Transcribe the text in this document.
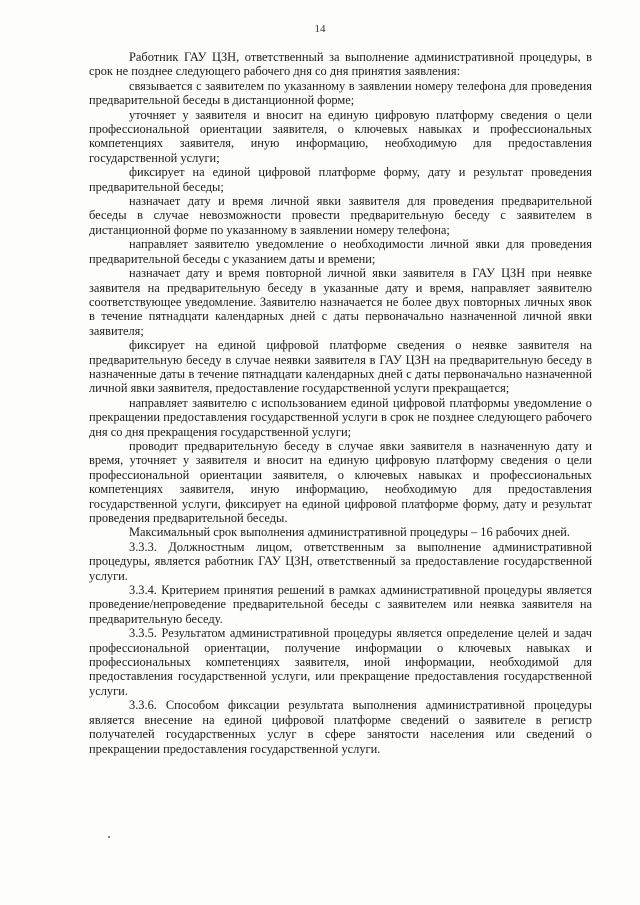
14

Работник ГАУ ЦЗН, ответственный за выполнение административной процедуры, в срок не позднее следующего рабочего дня со дня принятия заявления:

связывается с заявителем по указанному в заявлении номеру телефона для проведения предварительной беседы в дистанционной форме;

уточняет у заявителя и вносит на единую цифровую платформу сведения о цели профессиональной ориентации заявителя, о ключевых навыках и профессиональных компетенциях заявителя, иную информацию, необходимую для предоставления государственной услуги;

фиксирует на единой цифровой платформе форму, дату и результат проведения предварительной беседы;

назначает дату и время личной явки заявителя для проведения предварительной беседы в случае невозможности провести предварительную беседу с заявителем в дистанционной форме по указанному в заявлении номеру телефона;

направляет заявителю уведомление о необходимости личной явки для проведения предварительной беседы с указанием даты и времени;

назначает дату и время повторной личной явки заявителя в ГАУ ЦЗН при неявке заявителя на предварительную беседу в указанные дату и время, направляет заявителю соответствующее уведомление. Заявителю назначается не более двух повторных личных явок в течение пятнадцати календарных дней с даты первоначально назначенной личной явки заявителя;

фиксирует на единой цифровой платформе сведения о неявке заявителя на предварительную беседу в случае неявки заявителя в ГАУ ЦЗН на предварительную беседу в назначенные даты в течение пятнадцати календарных дней с даты первоначально назначенной личной явки заявителя, предоставление государственной услуги прекращается;

направляет заявителю с использованием единой цифровой платформы уведомление о прекращении предоставления государственной услуги в срок не позднее следующего рабочего дня со дня прекращения государственной услуги;

проводит предварительную беседу в случае явки заявителя в назначенную дату и время, уточняет у заявителя и вносит на единую цифровую платформу сведения о цели профессиональной ориентации заявителя, о ключевых навыках и профессиональных компетенциях заявителя, иную информацию, необходимую для предоставления государственной услуги, фиксирует на единой цифровой платформе форму, дату и результат проведения предварительной беседы.

Максимальный срок выполнения административной процедуры – 16 рабочих дней.

3.3.3. Должностным лицом, ответственным за выполнение административной процедуры, является работник ГАУ ЦЗН, ответственный за предоставление государственной услуги.

3.3.4. Критерием принятия решений в рамках административной процедуры является проведение/непроведение предварительной беседы с заявителем или неявка заявителя на предварительную беседу.

3.3.5. Результатом административной процедуры является определение целей и задач профессиональной ориентации, получение информации о ключевых навыках и профессиональных компетенциях заявителя, иной информации, необходимой для предоставления государственной услуги, или прекращение предоставления государственной услуги.

3.3.6. Способом фиксации результата выполнения административной процедуры является внесение на единой цифровой платформе сведений о заявителе в регистр получателей государственных услуг в сфере занятости населения или сведений о прекращении предоставления государственной услуги.
